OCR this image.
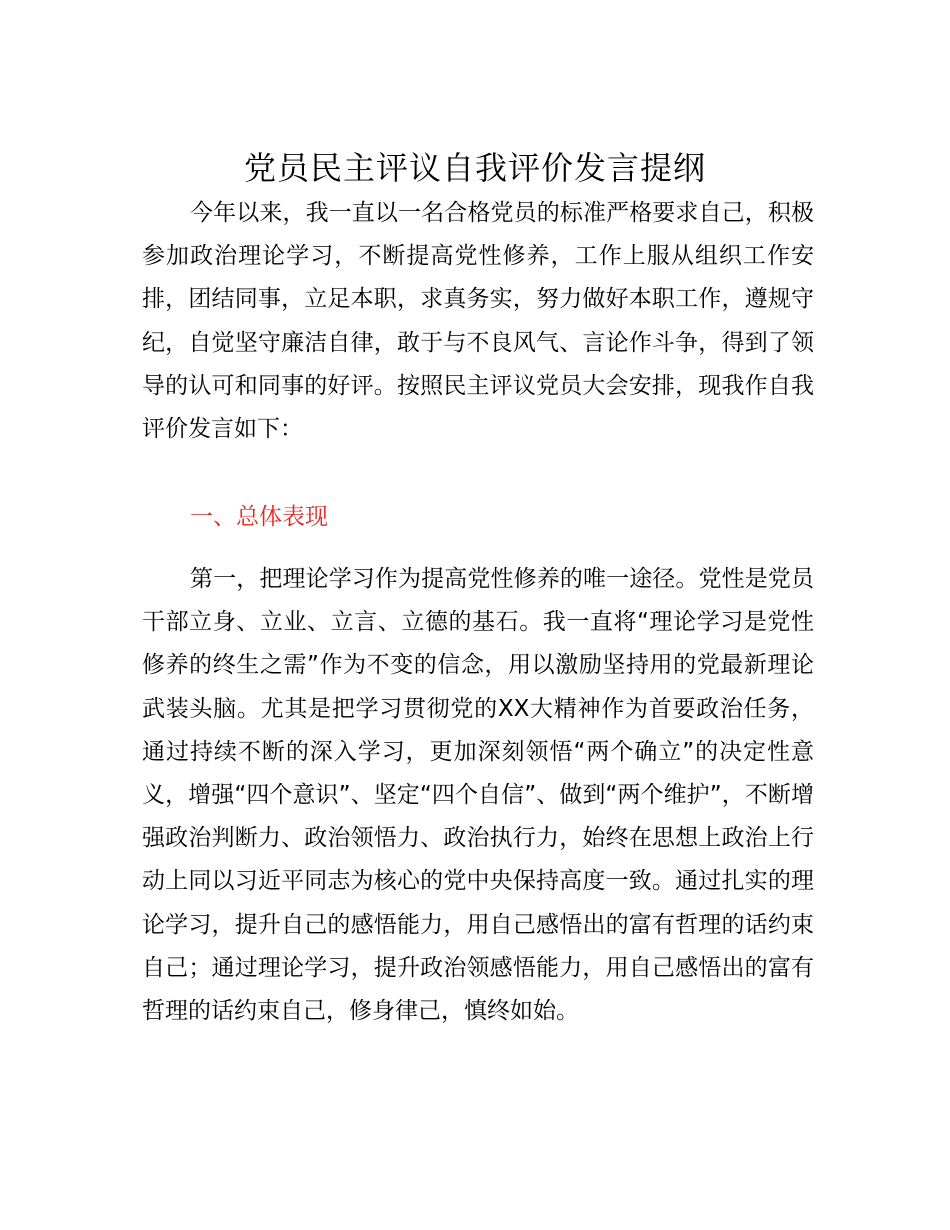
党员民主评议自我评价发言提纲

今年以来，我一直以一名合格党员的标准严格要求自己，积极参加政治理论学习，不断提高党性修养，工作上服从组织工作安排，团结同事，立足本职，求真务实，努力做好本职工作，遵规守纪，自觉坚守廉洁自律，敢于与不良风气、言论作斗争，得到了领导的认可和同事的好评。按照民主评议党员大会安排，现我作自我评价发言如下：

一、总体表现

第一，把理论学习作为提高党性修养的唯一途径。党性是党员干部立身、立业、立言、立德的基石。我一直将“理论学习是党性修养的终生之需”作为不变的信念，用以激励坚持用的党最新理论武装头脑。尤其是把学习贯彻党的XX大精神作为首要政治任务，通过持续不断的深入学习，更加深刻领悟“两个确立”的决定性意义，增强“四个意识”、坚定“四个自信”、做到“两个维护”，不断增强政治判断力、政治领悟力、政治执行力，始终在思想上政治上行动上同以习近平同志为核心的党中央保持高度一致。通过扎实的理论学习，提升自己的感悟能力，用自己感悟出的富有哲理的话约束自己；通过理论学习，提升政治领感悟能力，用自己感悟出的富有哲理的话约束自己，修身律己，慎终如始。
